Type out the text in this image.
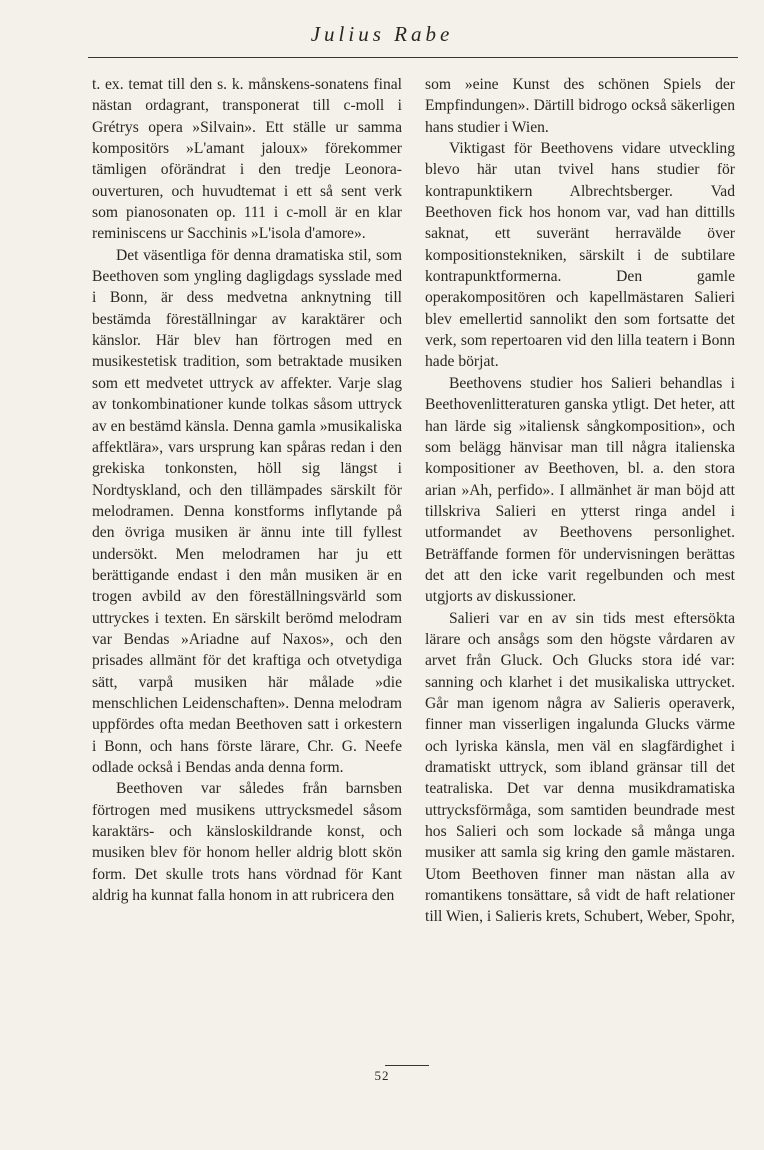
Julius Rabe

t. ex. temat till den s. k. månskens-sonatens final nästan ordagrant, transponerat till c-moll i Grétrys opera »Silvain». Ett ställe ur samma kompositörs »L'amant jaloux» förekommer tämligen oförändrat i den tredje Leonora-ouverturen, och huvudtemat i ett så sent verk som pianosonaten op. 111 i c-moll är en klar reminiscens ur Sacchinis »L'isola d'amore».

Det väsentliga för denna dramatiska stil, som Beethoven som yngling dagligdags sysslade med i Bonn, är dess medvetna anknytning till bestämda föreställningar av karaktärer och känslor. Här blev han förtrogen med en musikestetisk tradition, som betraktade musiken som ett medvetet uttryck av affekter. Varje slag av tonkombinationer kunde tolkas såsom uttryck av en bestämd känsla. Denna gamla »musikaliska affektlära», vars ursprung kan spåras redan i den grekiska tonkonsten, höll sig längst i Nordtyskland, och den tillämpades särskilt för melodramen. Denna konstforms inflytande på den övriga musiken är ännu inte till fyllest undersökt. Men melodramen har ju ett berättigande endast i den mån musiken är en trogen avbild av den föreställningsvärld som uttryckes i texten. En särskilt berömd melodram var Bendas »Ariadne auf Naxos», och den prisades allmänt för det kraftiga och otvetydiga sätt, varpå musiken här målade »die menschlichen Leidenschaften». Denna melodram uppfördes ofta medan Beethoven satt i orkestern i Bonn, och hans förste lärare, Chr. G. Neefe odlade också i Bendas anda denna form.

Beethoven var således från barnsben förtrogen med musikens uttrycksmedel såsom karaktärs- och känsloskildrande konst, och musiken blev för honom heller aldrig blott skön form. Det skulle trots hans vördnad för Kant aldrig ha kunnat falla honom in att rubricera den

som »eine Kunst des schönen Spiels der Empfindungen». Därtill bidrogo också säkerligen hans studier i Wien.

Viktigast för Beethovens vidare utveckling blevo här utan tvivel hans studier för kontrapunktikern Albrechtsberger. Vad Beethoven fick hos honom var, vad han dittills saknat, ett suveränt herravälde över kompositionstekniken, särskilt i de subtilare kontrapunktformerna. Den gamle operakompositören och kapellmästaren Salieri blev emellertid sannolikt den som fortsatte det verk, som repertoaren vid den lilla teatern i Bonn hade börjat.

Beethovens studier hos Salieri behandlas i Beethovenlitteraturen ganska ytligt. Det heter, att han lärde sig »italiensk sångkomposition», och som belägg hänvisar man till några italienska kompositioner av Beethoven, bl. a. den stora arian »Ah, perfido». I allmänhet är man böjd att tillskriva Salieri en ytterst ringa andel i utformandet av Beethovens personlighet. Beträffande formen för undervisningen berättas det att den icke varit regelbunden och mest utgjorts av diskussioner.

Salieri var en av sin tids mest eftersökta lärare och ansågs som den högste vårdaren av arvet från Gluck. Och Glucks stora idé var: sanning och klarhet i det musikaliska uttrycket. Går man igenom några av Salieris operaverk, finner man visserligen ingalunda Glucks värme och lyriska känsla, men väl en slagfärdighet i dramatiskt uttryck, som ibland gränsar till det teatraliska. Det var denna musikdramatiska uttrycksförmåga, som samtiden beundrade mest hos Salieri och som lockade så många unga musiker att samla sig kring den gamle mästaren. Utom Beethoven finner man nästan alla av romantikens tonsättare, så vidt de haft relationer till Wien, i Salieris krets, Schubert, Weber, Spohr,

52
